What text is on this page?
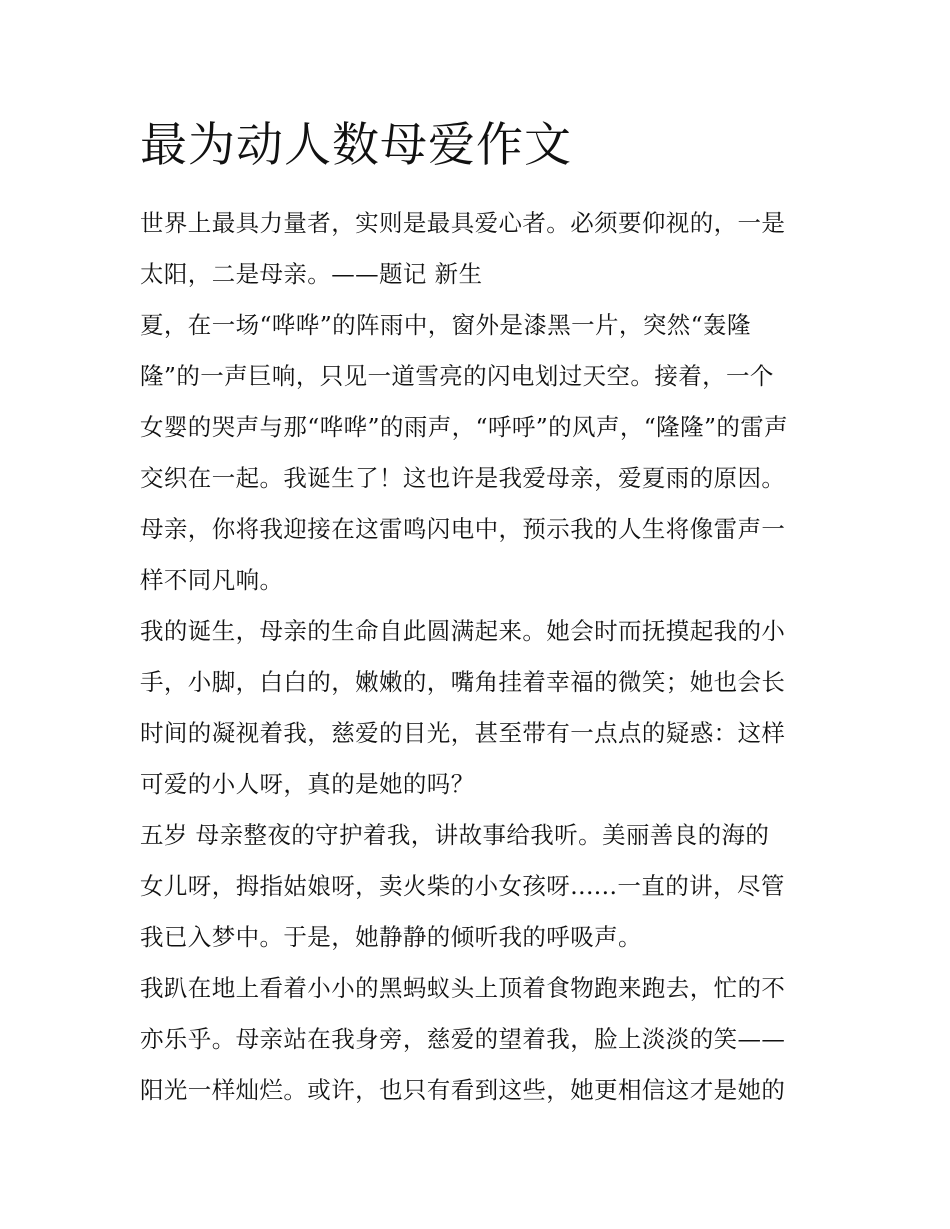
最为动人数母爱作文
世界上最具力量者，实则是最具爱心者。必须要仰视的，一是
太阳，二是母亲。——题记 新生
夏，在一场“哗哗”的阵雨中，窗外是漆黑一片，突然“轰隆
隆”的一声巨响，只见一道雪亮的闪电划过天空。接着，一个
女婴的哭声与那“哗哗”的雨声，“呼呼”的风声，“隆隆”的雷声
交织在一起。我诞生了！这也许是我爱母亲，爱夏雨的原因。
母亲，你将我迎接在这雷鸣闪电中，预示我的人生将像雷声一
样不同凡响。
我的诞生，母亲的生命自此圆满起来。她会时而抚摸起我的小
手，小脚，白白的，嫩嫩的，嘴角挂着幸福的微笑；她也会长
时间的凝视着我，慈爱的目光，甚至带有一点点的疑惑：这样
可爱的小人呀，真的是她的吗？
五岁 母亲整夜的守护着我，讲故事给我听。美丽善良的海的
女儿呀，拇指姑娘呀，卖火柴的小女孩呀......一直的讲，尽管
我已入梦中。于是，她静静的倾听我的呼吸声。
我趴在地上看着小小的黑蚂蚁头上顶着食物跑来跑去，忙的不
亦乐乎。母亲站在我身旁，慈爱的望着我，脸上淡淡的笑——
阳光一样灿烂。或许，也只有看到这些，她更相信这才是她的
